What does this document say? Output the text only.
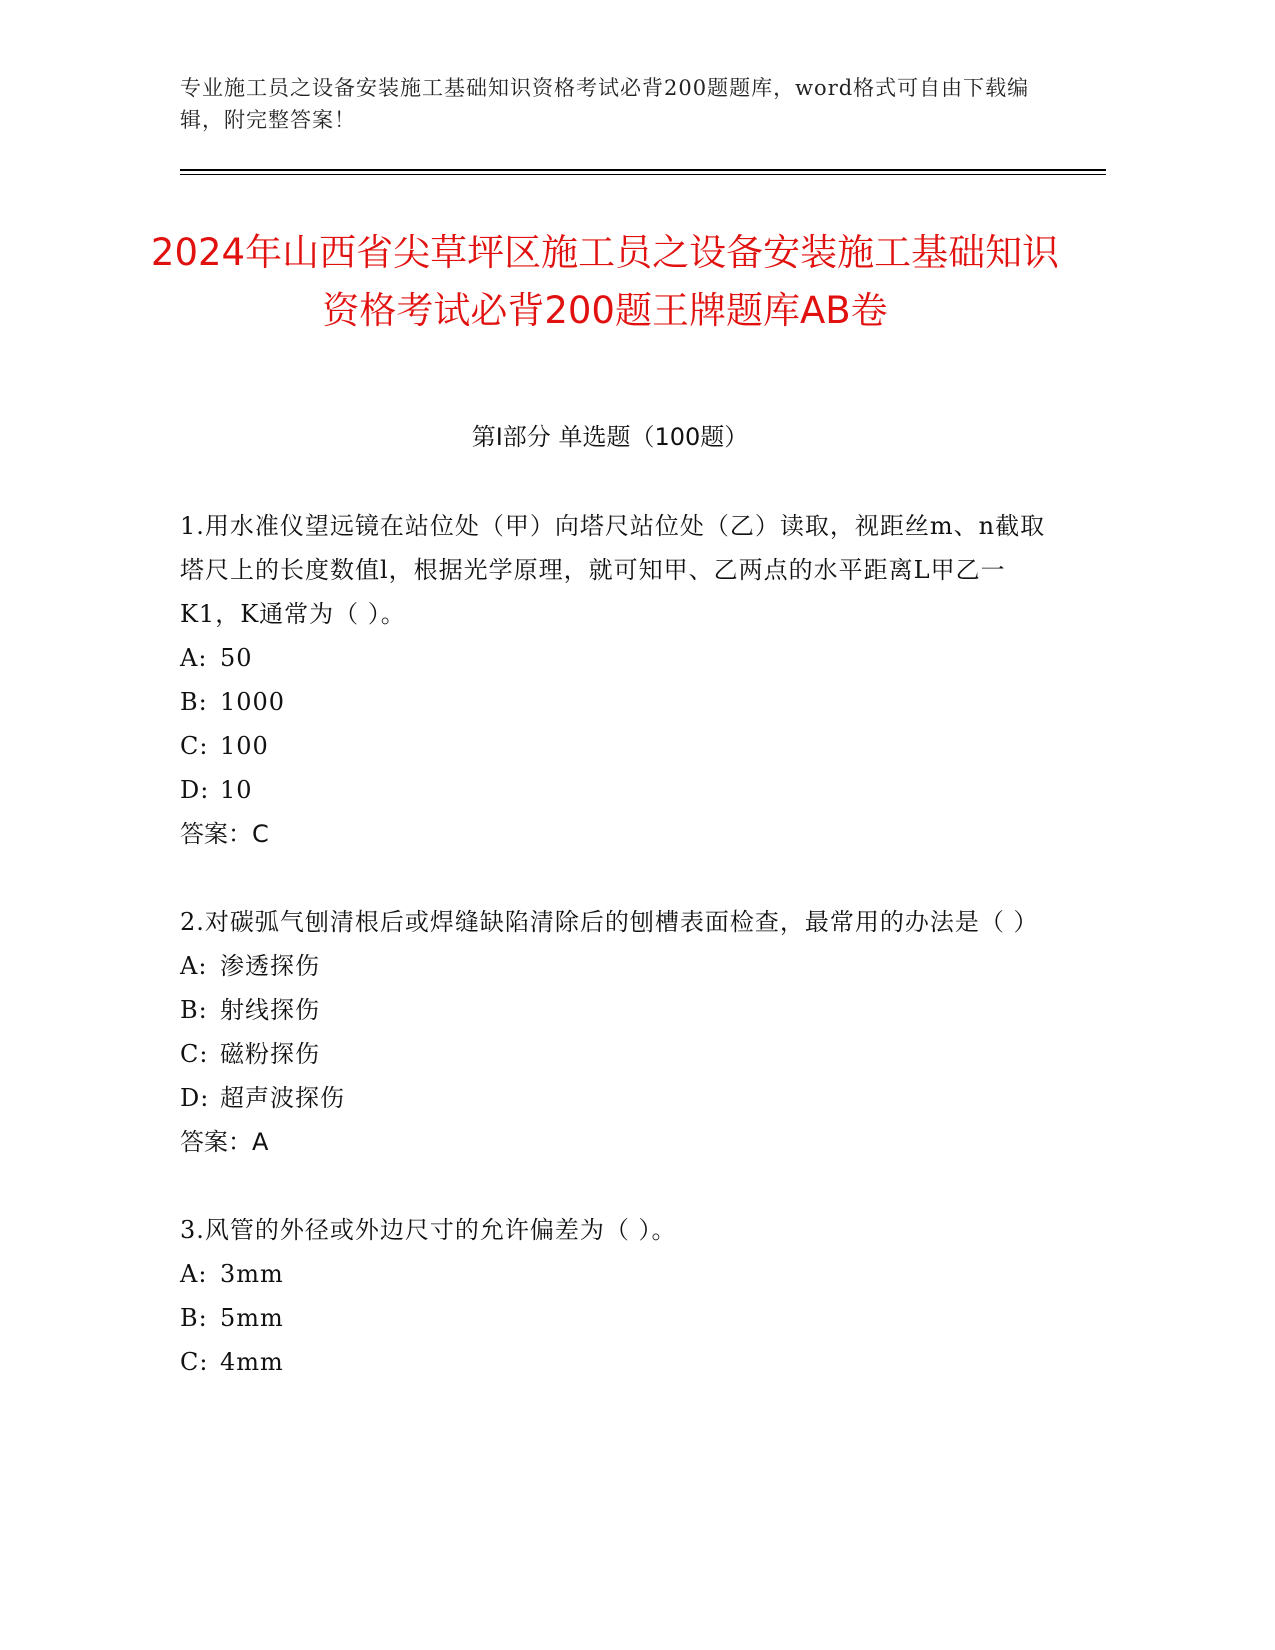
专业施工员之设备安装施工基础知识资格考试必背200题题库，word格式可自由下载编辑，附完整答案！
2024年山西省尖草坪区施工员之设备安装施工基础知识资格考试必背200题王牌题库AB卷
第Ⅰ部分 单选题（100题）
1.用水准仪望远镜在站位处（甲）向塔尺站位处（乙）读取，视距丝m、n截取塔尺上的长度数值l，根据光学原理，就可知甲、乙两点的水平距离L甲乙一K1，K通常为（ ）。
A: 50
B: 1000
C: 100
D: 10
答案：C
2.对碳弧气刨清根后或焊缝缺陷清除后的刨槽表面检查，最常用的办法是（ ）
A: 渗透探伤
B: 射线探伤
C: 磁粉探伤
D: 超声波探伤
答案：A
3.风管的外径或外边尺寸的允许偏差为（ ）。
A: 3mm
B: 5mm
C: 4mm
